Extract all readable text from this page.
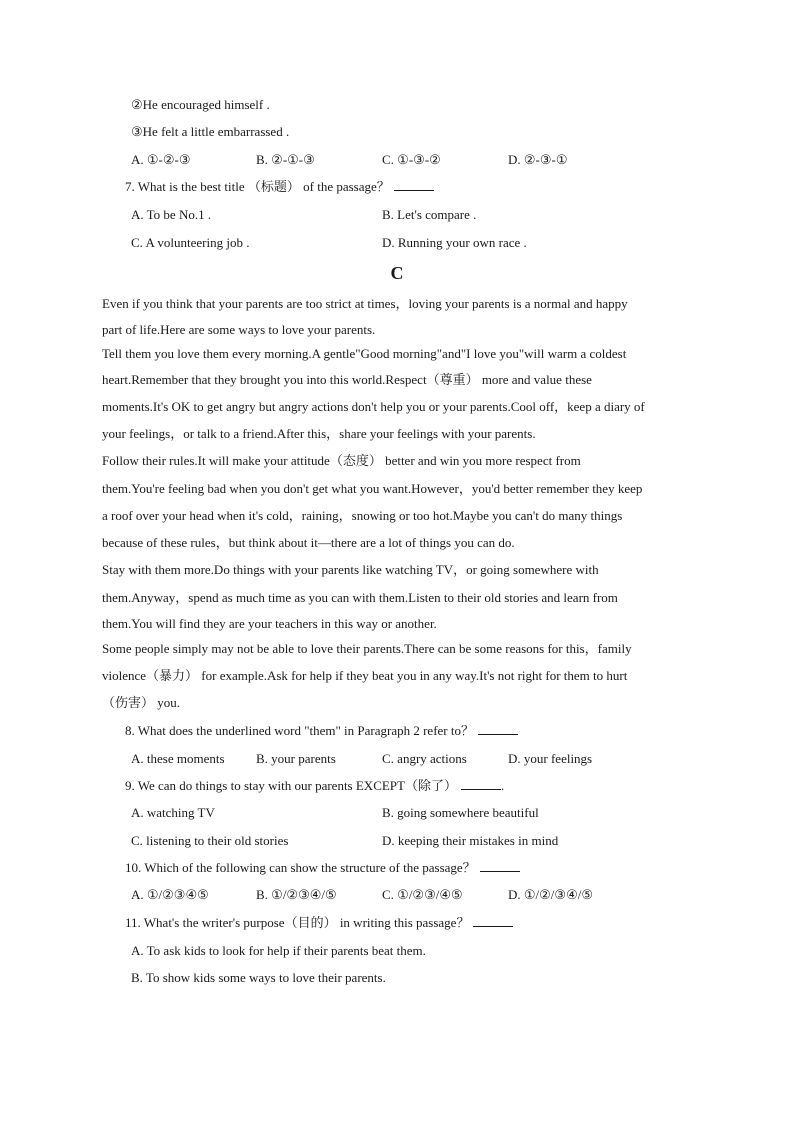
②He encouraged himself .
③He felt a little embarrassed .
A. ①-②-③	B. ②-①-③	C. ①-③-②	D. ②-③-①
7. What is the best title （标题） of the passage？
A. To be No.1 .	B. Let's compare .
C. A volunteering job .	D. Running your own race .
C
Even if you think that your parents are too strict at times，loving your parents is a normal and happy
part of life.Here are some ways to love your parents.
Tell them you love them every morning.A gentle"Good morning"and"I love you"will warm a coldest
heart.Remember that they brought you into this world.Respect（尊重） more and value these
moments.It's OK to get angry but angry actions don't help you or your parents.Cool off，keep a diary of
your feelings，or talk to a friend.After this，share your feelings with your parents.
Follow their rules.It will make your attitude（态度） better and win you more respect from
them.You're feeling bad when you don't get what you want.However，you'd better remember they keep
a roof over your head when it's cold，raining，snowing or too hot.Maybe you can't do many things
because of these rules，but think about it—there are a lot of things you can do.
Stay with them more.Do things with your parents like watching TV，or going somewhere with
them.Anyway，spend as much time as you can with them.Listen to their old stories and learn from
them.You will find they are your teachers in this way or another.
Some people simply may not be able to love their parents.There can be some reasons for this，family
violence（暴力） for example.Ask for help if they beat you in any way.It's not right for them to hurt
（伤害） you.
8. What does the underlined word "them" in Paragraph 2 refer to？
A. these moments B. your parents	C. angry actions	D. your feelings
9. We can do things to stay with our parents EXCEPT（除了）	.
A. watching TV	B. going somewhere beautiful
C. listening to their old stories	D. keeping their mistakes in mind
10. Which of the following can show the structure of the passage？
A. ①/②③④⑤	B. ①/②③④/⑤	C. ①/②③/④⑤	D. ①/②/③④/⑤
11. What's the writer's purpose（目的） in writing this passage？
A. To ask kids to look for help if their parents beat them.
B. To show kids some ways to love their parents.
